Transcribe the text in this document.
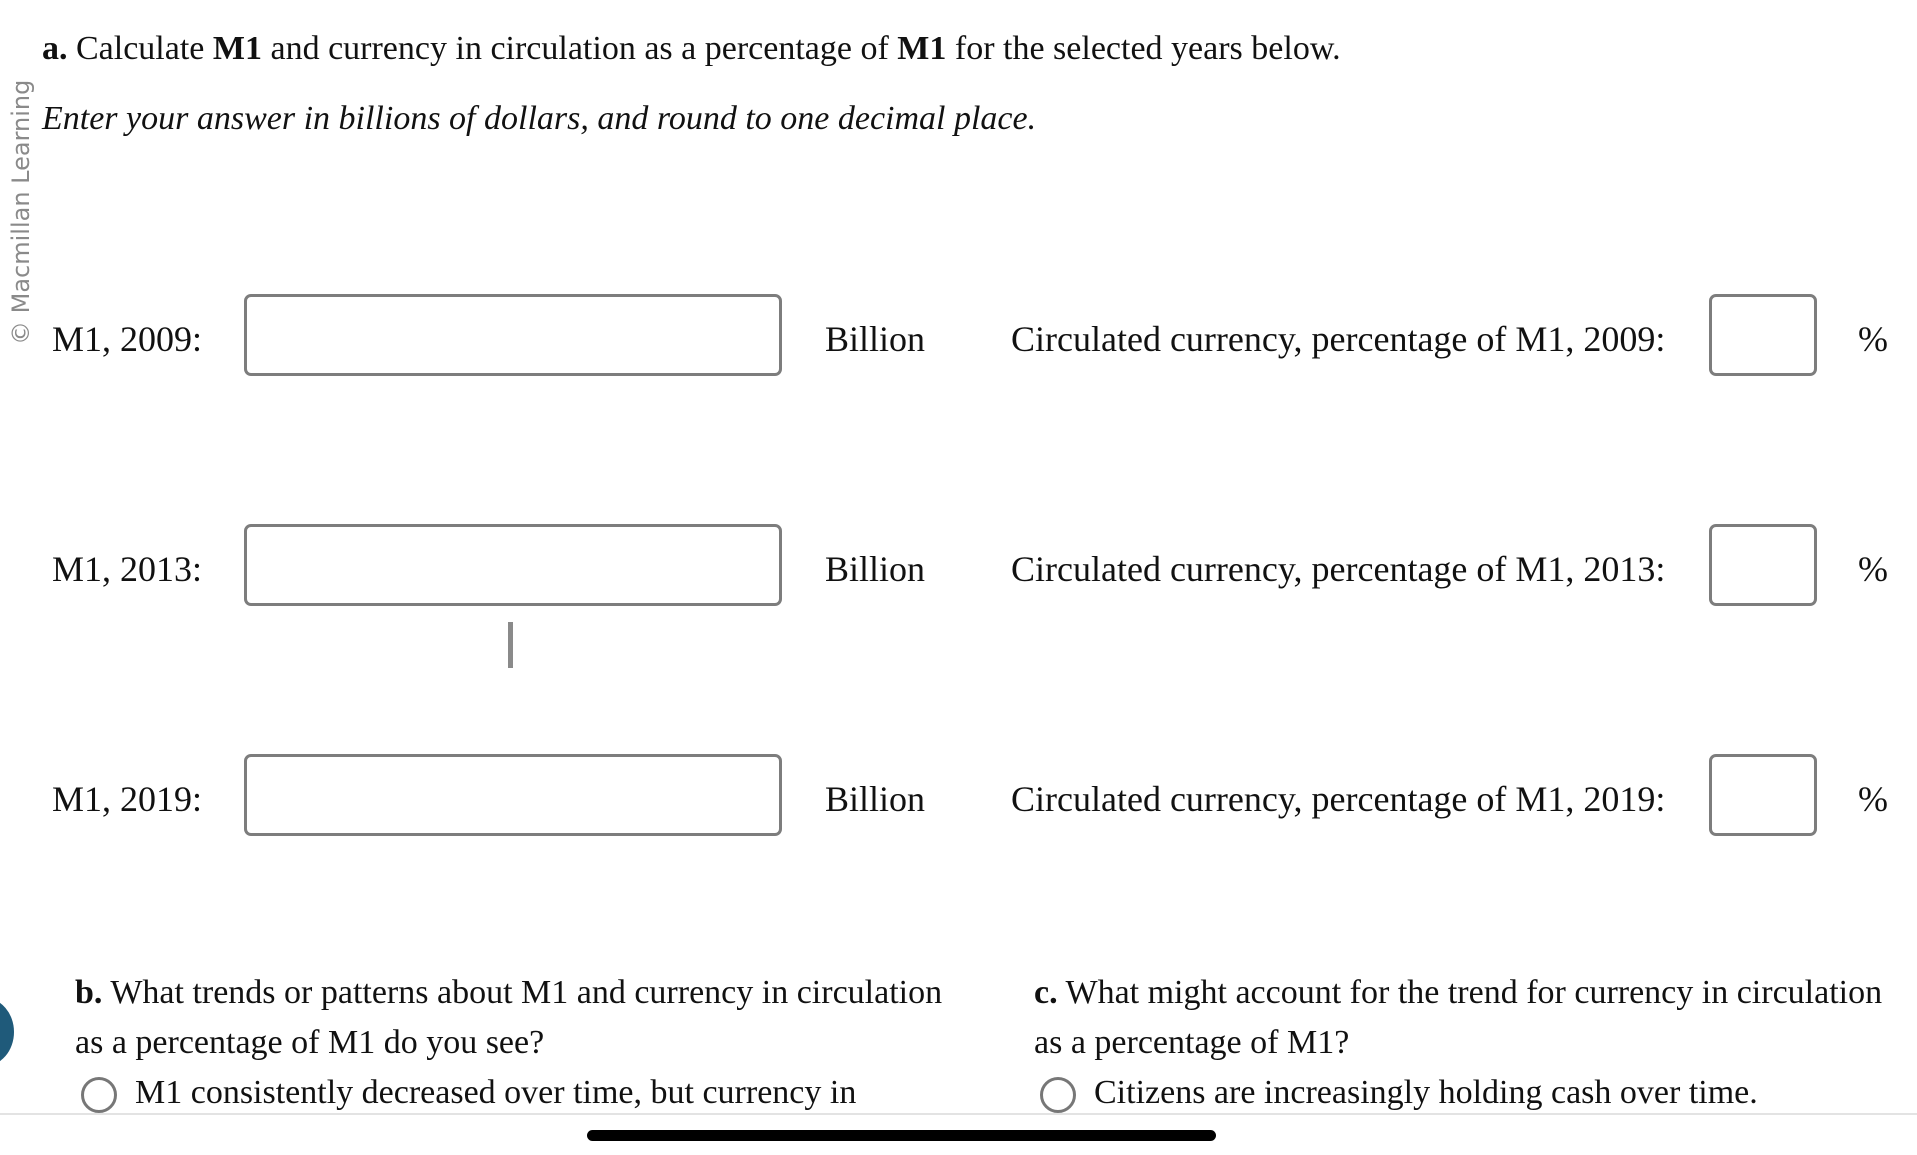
© Macmillan Learning
a. Calculate M1 and currency in circulation as a percentage of M1 for the selected years below.
Enter your answer in billions of dollars, and round to one decimal place.
M1, 2009:	Billion Circulated currency, percentage of M1, 2009:	%
M1, 2013:	Billion Circulated currency, percentage of M1, 2013:	%
M1, 2019:	Billion Circulated currency, percentage of M1, 2019:	%
b. What trends or patterns about M1 and currency in circulation as a percentage of M1 do you see?
M1 consistently decreased over time, but currency in
c. What might account for the trend for currency in circulation as a percentage of M1?
Citizens are increasingly holding cash over time.
